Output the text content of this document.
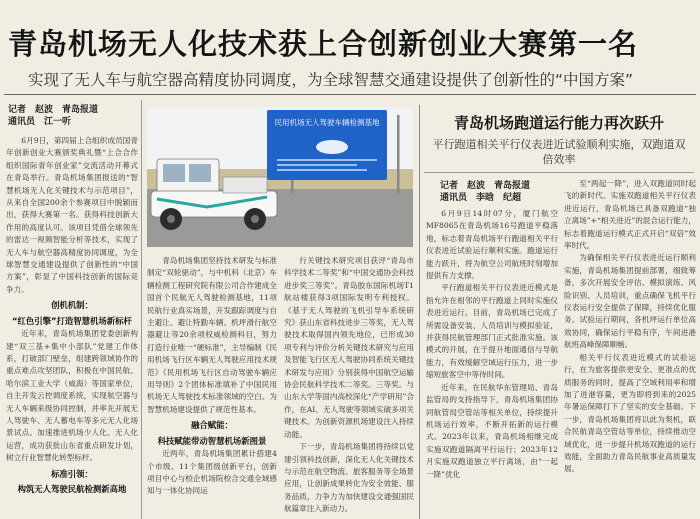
青岛机场无人化技术获上合创新创业大赛第一名
实现了无人车与航空器高精度协同调度，为全球智慧交通建设提供了创新性的“中国方案”
记者　赵波　青岛报道
通讯员　江一听

6月9日，第四届上合组织成员国青年创新创业大赛颁奖典礼暨“上合合作组织国际青年创业家”交流活动开幕式在青岛举行。青岛机场集团报送的“智慧机场无人化关键技术与示范项目”，从来自全国200余个参赛项目中脱颖而出，获得大赛第一名。获得科技创新大作用的高度认可。该项目凭借全球领先的雷达一视频智能分析等技术，实现了无人车与航空器高精度协同调度，为全球智慧交通建设提供了创新性的“中国方案”，彰显了中国科技创新的国际竞争力。

创机机制：
“红色引擎”打造智慧机场新标杆

近年来，青岛机场集团党委创新构建“双三基+集中小部队”党建工作体系，打破部门壁垒，组建跨领域协作的重点难点攻坚团队，积极在中国民航、哈尔滨工业大学（威海）等国家单位，自主开发云控调度系统，实现航空器与无人车辆来级协同控制，并率先开展无人驾驶车、无人蓄电车等多元无人化场景试点。加速推进机场少人化、无人化运营，成功获批山东省重点研发计划，树立行业智慧化转型标杆。

标准引领：
构筑无人驾驶民航检测新高地
民用机场无人驾驶车辆检测基地

青岛机场集团坚持技术研发与标准制定“双轮驱动”，与中机科（北京）车辆检测工程研究院有限公司合作建成全国首个民航无人驾驶检测基地，11项民航行业真实场景，开发跟踪调度与自主避让、避让特勤车辆、机坪滑行航空器避让等20余项权威检测科目，努力打造行业唯一“硬标准”，主导编制《民用机场飞行区车辆无人驾驶应用技术规范》《民用机场飞行区自动驾驶车辆应用导则》2个团体标准填补了中国民用机场无人驾驶技术标准领域的空白。为智慧机场建设提供了规范性基本。

融合赋能：
科技赋能带动智慧机场新图景

近两年，青岛机场集团累计搭建4个市级、11个集团级创新平台，创新项目中心与校企机场院校合交通全域感知与一体化协同运

行关键技术研究项目获评“青岛市科学技术二等奖”和“中国交通协会科技进步奖三等奖”。青岛胶东国际机场T1航站楼获得3项国际发明专利授权。《基于无人驾驶的飞机引导车系统研究》获山东省科技进步三等奖，无人驾驶技术取得国内领先地位，已形成30项专利与评价分析关键技术研究与应用及智能飞行区无人驾驶协同系统关键技术研发与应用》分别获得中国航空运输协会民航科学技术二等奖。三等奖。与山东大学等国内高校深化“产学研用”合作，在AI、无人驾驶等领域实破多项关键技术。为创新资源机场建设注入持续动能。

下一步，青岛机场集团将持续以党建引领科技创新，深化无人化关键技术与示范在航空物流、旅客服务等全场景应用，让创新成果转化为安全效能、服务品质，力争力为加快建设交通强国民航篇章注入新动力。

青岛机场跑道运行能力再次跃升
平行跑道相关平行仪表进近试验顺利实施，双跑道双倍效率
记者　赵波　青岛报道
通讯员　李晗　纪超

6月9日14时07分，厦门航空MF8065在青岛机场16号跑道平稳落地，标志着青岛机场平行跑道相关平行仪表进近试验运行顺利实施。跑道运行能力跃升，将为航空公司航班时刻增加提供有力支撑。

平行跑道相关平行仪表进近模式是指允许在相邻的平行跑道上同时实施仪表进近运行。目前，青岛机场已完成了所需设备安装、人员培训与模拟验证，并获得民航管理部门正式批准实施。该模式的开展，在于提升地面通信与导航能力，有效缓解空域运行压力，进一步缩短旅客空中等待时间。

近年来，在民航华东管理局、青岛监管局的支持指导下，青岛机场集团协同航管局空管站等相关单位，持续提升机场运行效率，不断开拓新的运行模式。2023年以来，青岛机场相继完成实施双跑道隔离平行运行；2023年12月实施双跑道独立平行离场，由“一起一降”优化

至“两起一降”，进入双跑道同时起飞的新时代。实施双跑道相关平行仪表进近运行，青岛机场已具备双跑道“独立离场”+“相关进近”的混合运行能力，标志着跑道运行模式正式开启“双倍”效率时代。

为确保相关平行仪表进近运行顺利实施，青岛机场集团提前部署，细致筹备，多次开展安全评估、模拟演练、风险识别、人员培训，重点确保飞机平行仪表运行安全提供了保障，持续优化服务。试验运行期间，各机坪运行单位高效协同，确保运行平稳有序，午间进港航班高峰保障顺畅。

相关平行仪表进近模式的试验运行，在为旅客提供更安全、更准点的优质服务的同时，提高了空域利用率和增加了进港容量，更为即将到来的2025年暑运保障打下了坚实的安全基础。下一步，青岛机场集团将以此为契机，联合民航青岛空管站等单位，持续推动空域优化，进一步提升机场双跑道的运行效能，全面助力青岛民航事业高质量发展。
